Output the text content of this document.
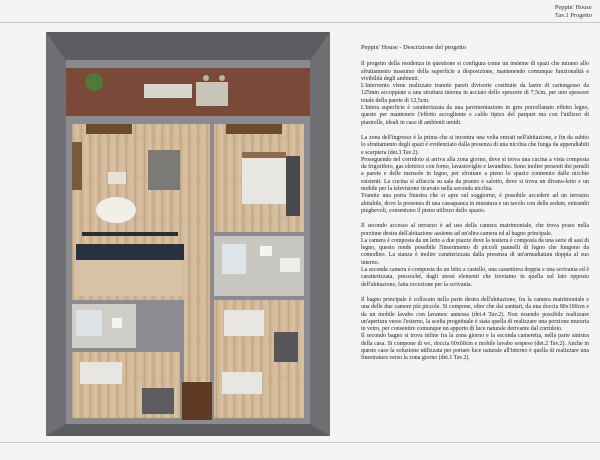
Peppin' House
Tav.1 Progetto
Peppin' House - Descrizione del progetto
Il progetto della residenza in questione si configura come un insieme di spazi che mirano allo sfruttamento massimo della superficie a disposizione, mantenendo comunque funzionalità e vivibilità degli ambienti.
L'intervento viene realizzato tramite pareti divisorie costituite da lastre di cartongesso da 125mm accoppiate a una struttura interna in acciaio dello spessore di 7,5cm, per uno spessore totale della parete di 12,5cm.
L'intera superficie è caratterizzata da una pavimentazione in gres porcellanato effetto legno, questo per mantenere l'effetto accogliente e caldo tipico del parquet ma con l'utilizzo di piastrelle, ideali in caso di ambienti umidi.
La zona dell'ingresso è la prima che si incontra una volta entrati nell'abitazione, e fin da subito lo sfruttamento degli spazi è evidenziato dalla presenza di una nicchia che funga da appendiabiti e scarpiera (det.3 Tav.2).
Proseguendo nel corridoio si arriva alla zona giorno, dove si trova una cucina a vista composta da frigorifero, gas elettrico con forno, lavastoviglie e lavandino. Sono inoltre presenti dei pensili a parete e delle mensole in legno, per sfruttare a pieno lo spazio contenuto dalle nicchie esistenti. La cucina si affaccia su sala da pranzo e salotto, dove si trova un divano-letto e un mobile per la televisione ricavato nella seconda nicchia.
Tramite una porta finestra che si apre sul soggiorno, è possibile accedere ad un terrazzo abitabile, dove la presenza di una cassapanca in muratura e un tavolo con delle sedute, entrambi pieghevoli, consentono il pieno utilizzo dello spazio.
Il secondo accesso al terrazzo è ad uso della camera matrimoniale, che trova posto nella porzione destra dell'abitazione assieme ad un'altra camera ed al bagno principale.
La camera è composta da un letto a due piazze dove la testiera è composta da una serie di assi di legno, questo rende possibile l'inserimento di piccoli pannelli di legno che fungono da comodino. La stanza è inoltre caratterizzata dalla presenza di un'armadiatura doppia al suo interno.
La seconda camera è composta da un letto a castello, una cassettiera doppia e una scrivania ed è caratterizzata, pressoché, dagli stessi elementi che troviamo in quella sul lato opposto dell'abitazione, fatta eccezione per la scrivania.
Il bagno principale è collocato nella parte destra dell'abitazione, fra la camera matrimoniale e una delle due camere più piccole. Si compone, oltre che dai sanitari, da una doccia 80x100cm e da un mobile lavabo con lavamoc annessa (det.4 Tav.2). Non essendo possibile realizzare un'apertura verso l'esterno, la scelta progettuale è stata quella di realizzare una porzione muraria in vetro, per consentire comunque un apporto di luce naturale derivante dal corridoio.
Il secondo bagno si trova infine fra la zona giorno e la seconda cameretta, nella parte sinistra della casa. Si compone di wc, doccia 60x60cm e mobile lavabo sospeso (det.2 Tav.2). Anche in questo caso la soluzione utilizzata per portare luce naturale all'interno è quella di realizzare una finestratura verso la zona giorno (det.1 Tav.2).
